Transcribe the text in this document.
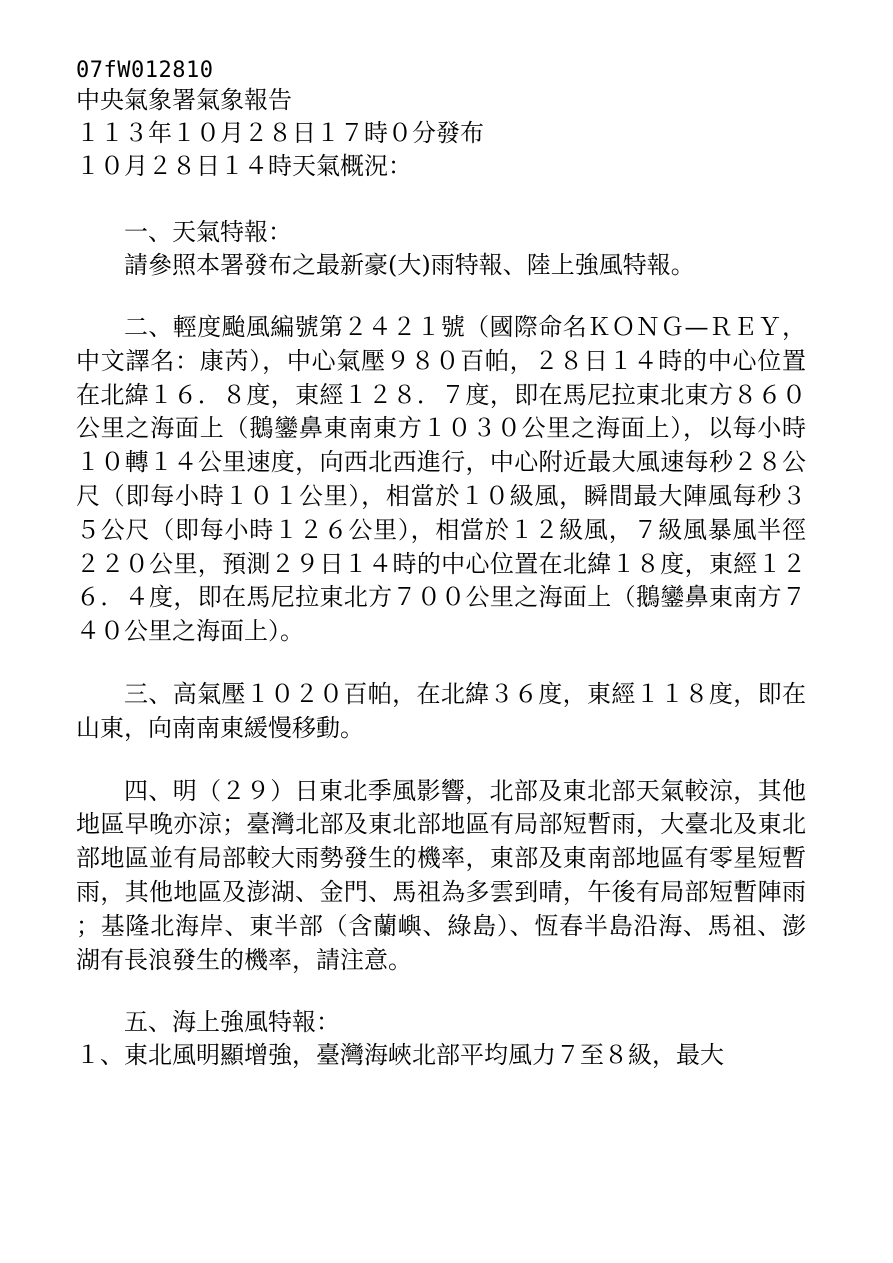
07fW012810
中央氣象署氣象報告
１１３年１０月２８日１７時０分發布
１０月２８日１４時天氣概況：
一、天氣特報：
請參照本署發布之最新豪(大)雨特報、陸上強風特報。
二、輕度颱風編號第２４２１號（國際命名ＫＯＮＧ—ＲＥＹ，中文譯名：康芮），中心氣壓９８０百帕，２８日１４時的中心位置在北緯１６．８度，東經１２８．７度，即在馬尼拉東北東方８６０公里之海面上（鵝鑾鼻東南東方１０３０公里之海面上），以每小時１０轉１４公里速度，向西北西進行，中心附近最大風速每秒２８公尺（即每小時１０１公里），相當於１０級風，瞬間最大陣風每秒３５公尺（即每小時１２６公里），相當於１２級風，７級風暴風半徑２２０公里，預測２９日１４時的中心位置在北緯１８度，東經１２６．４度，即在馬尼拉東北方７００公里之海面上（鵝鑾鼻東南方７４０公里之海面上）。
三、高氣壓１０２０百帕，在北緯３６度，東經１１８度，即在山東，向南南東緩慢移動。
四、明（２９）日東北季風影響，北部及東北部天氣較涼，其他地區早晚亦涼；臺灣北部及東北部地區有局部短暫雨，大臺北及東北部地區並有局部較大雨勢發生的機率，東部及東南部地區有零星短暫雨，其他地區及澎湖、金門、馬祖為多雲到晴，午後有局部短暫陣雨；基隆北海岸、東半部（含蘭嶼、綠島）、恆春半島沿海、馬祖、澎湖有長浪發生的機率，請注意。
五、海上強風特報：
１、東北風明顯增強，臺灣海峽北部平均風力７至８級，最大
